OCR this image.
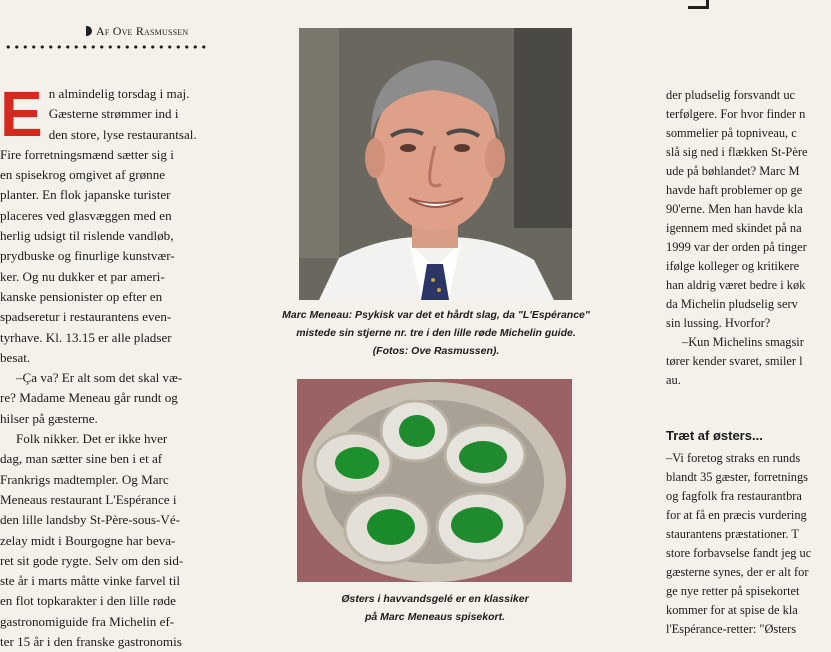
Af Ove Rasmussen
E n almindelig torsdag i maj.

Gæsterne strømmer ind i

den store, lyse restaurantsal.

Fire forretningsmænd sætter sig i

en spisekrog omgivet af grønne

planter. En flok japanske turister

placeres ved glasvæggen med en

herlig udsigt til rislende vandløb,

prydbuske og finurlige kunstvær-

ker. Og nu dukker et par ameri-

kanske pensionister op efter en

spadseretur i restaurantens even-

tyrhave. Kl. 13.15 er alle pladser

besat.

–Ça va? Er alt som det skal væ-

re? Madame Meneau går rundt og

hilser på gæsterne.

Folk nikker. Det er ikke hver

dag, man sætter sine ben i et af

Frankrigs madtempler. Og Marc

Meneaus restaurant L'Espérance i

den lille landsby St-Père-sous-Vé-

zelay midt i Bourgogne har beva-

ret sit gode rygte. Selv om den sid-

ste år i marts måtte vinke farvel til

en flot topkarakter i den lille røde

gastronomiguide fra Michelin ef-

ter 15 år i den franske gastronomis

Marc Meneau: Psykisk var det et hårdt slag, da "L'Espérance"
mistede sin stjerne nr. tre i den lille røde Michelin guide.
(Fotos: Ove Rasmussen).
Østers i havvandsgelé er en klassiker
på Marc Meneaus spisekort.

der pludselig forsvandt uc

terfølgere. For hvor finder n

sommelier på topniveau, c

slå sig ned i flækken St-Père

ude på bøhlandet? Marc M

havde haft problemer op ge

90'erne. Men han havde kla

igennem med skindet på na

1999 var der orden på tinger

ifølge kolleger og kritikere

han aldrig været bedre i køk

da Michelin pludselig serv

sin lussing. Hvorfor?

–Kun Michelins smagsir

tører kender svaret, smiler l

au.

Træt af østers...

–Vi foretog straks en runds

blandt 35 gæster, forretnings

og fagfolk fra restaurantbra

for at få en præcis vurdering

staurantens præstationer. T

store forbavselse fandt jeg uc

gæsterne synes, der er alt for

ge nye retter på spisekortet

kommer for at spise de kla

l'Espérance-retter: "Østers
